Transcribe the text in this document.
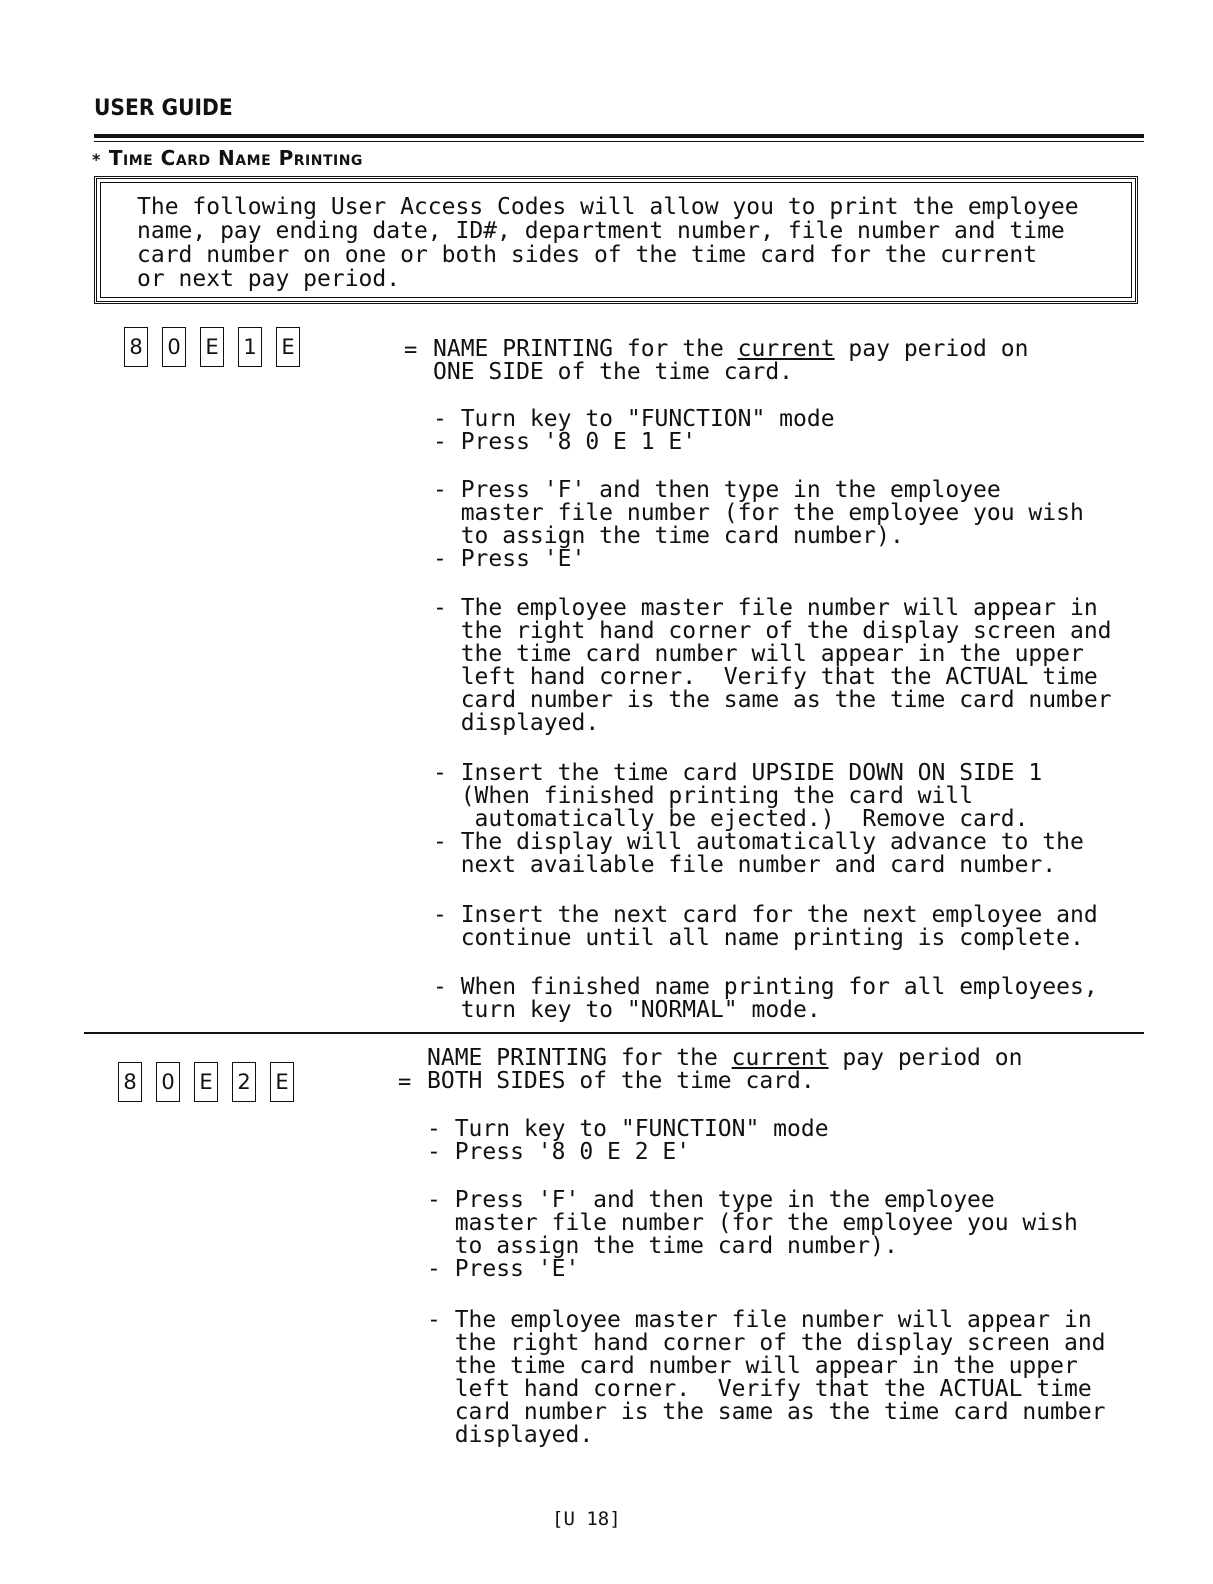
USER GUIDE
* Time Card Name Printing
The following User Access Codes will allow you to print the employee
name, pay ending date, ID#, department number, file number and time
card number on one or both sides of the time card for the current
or next pay period.
8 0 E 1 E	= NAME PRINTING for the current pay period on
ONE SIDE of the time card.
- Turn key to "FUNCTION" mode
- Press '8 0 E 1 E'
- Press 'F' and then type in the employee
master file number (for the employee you wish
to assign the time card number).
- Press 'E'
- The employee master file number will appear in
the right hand corner of the display screen and
the time card number will appear in the upper
left hand corner.  Verify that the ACTUAL time
card number is the same as the time card number
displayed.
- Insert the time card UPSIDE DOWN ON SIDE 1
(When finished printing the card will
automatically be ejected.)  Remove card.
- The display will automatically advance to the
next available file number and card number.
- Insert the next card for the next employee and
continue until all name printing is complete.
- When finished name printing for all employees,
turn key to "NORMAL" mode.
8 0 E 2 E	=
NAME PRINTING for the current pay period on
BOTH SIDES of the time card.
- Turn key to "FUNCTION" mode
- Press '8 0 E 2 E'
- Press 'F' and then type in the employee
master file number (for the employee you wish
to assign the time card number).
- Press 'E'
- The employee master file number will appear in
the right hand corner of the display screen and
the time card number will appear in the upper
left hand corner.  Verify that the ACTUAL time
card number is the same as the time card number
displayed.
[U 18]
